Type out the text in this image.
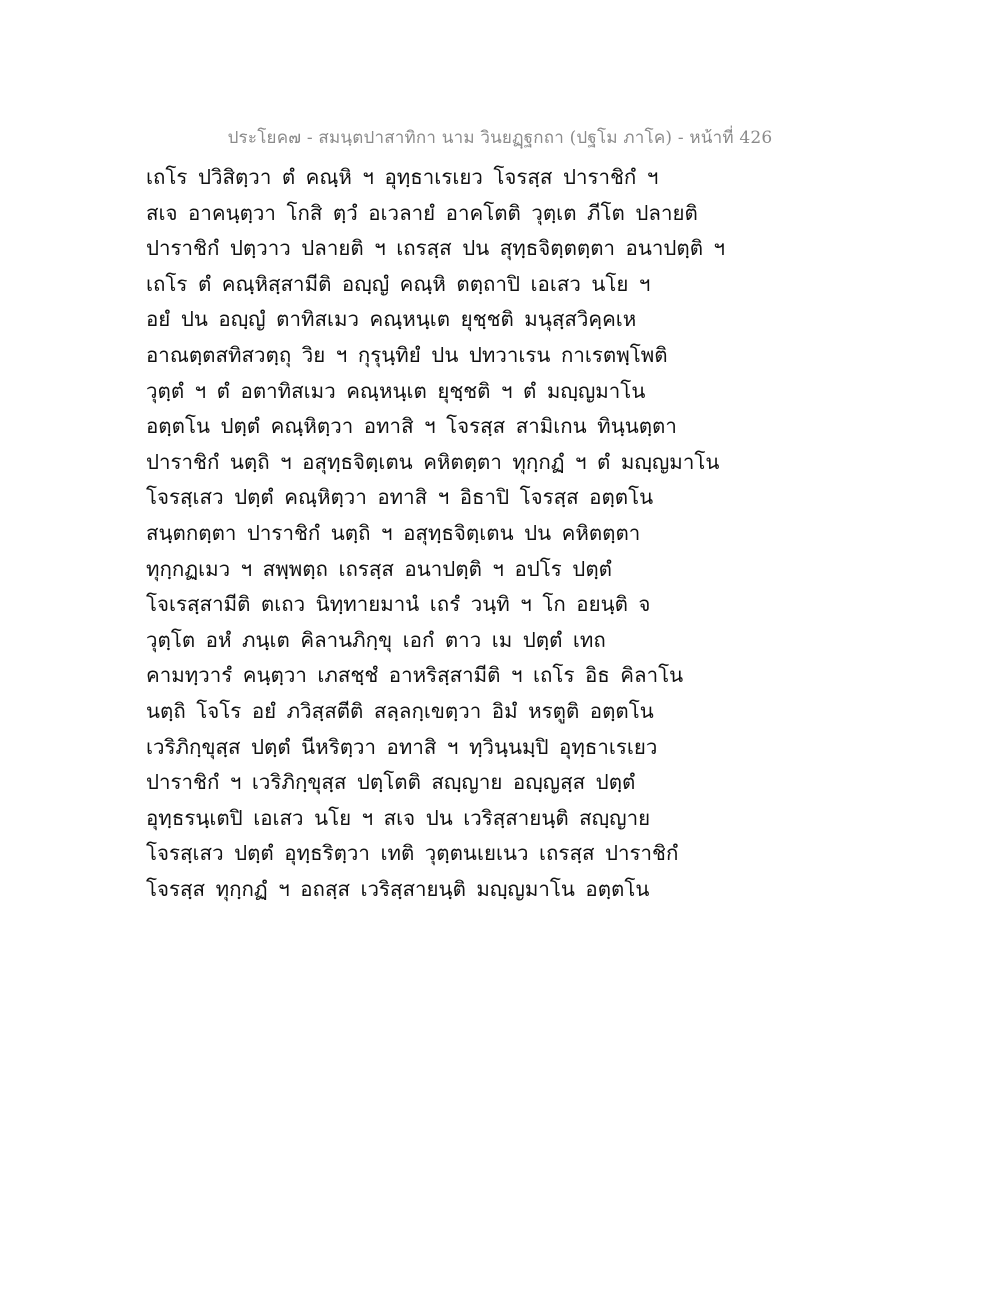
ประโยค๗ - สมนฺตปาสาทิกา นาม วินยฏฺฐกถา (ปฐโม ภาโค) - หน้าที่ 426
เถโร ปวิสิตฺวา ตํ คณฺหิ ฯ อุทฺธาเรเยว โจรสฺส ปาราชิกํ ฯ
สเจ อาคนฺตฺวา โกสิ ตฺวํ อเวลายํ อาคโตติ วุตฺเต ภีโต ปลายติ
ปาราชิกํ ปตฺวาว ปลายติ ฯ เถรสฺส ปน สุทฺธจิตฺตตฺตา อนาปตฺติ ฯ
เถโร ตํ คณฺหิสฺสามีติ อญฺญํ คณฺหิ ตตฺถาปิ เอเสว นโย ฯ
อยํ ปน อญฺญํ ตาทิสเมว คณฺหนฺเต ยุชฺชติ มนุสฺสวิคฺคเห
อาณตฺตสทิสวตฺถุ วิย ฯ กุรุนฺทิยํ ปน ปทวาเรน กาเรตพฺโพติ
วุตฺตํ ฯ ตํ อตาทิสเมว คณฺหนฺเต ยุชฺชติ ฯ ตํ มญฺญมาโน
อตฺตโน ปตฺตํ คณฺหิตฺวา อทาสิ ฯ โจรสฺส สามิเกน ทินฺนตฺตา
ปาราชิกํ นตฺถิ ฯ อสุทฺธจิตฺเตน คหิตตฺตา ทุกฺกฏํ ฯ ตํ มญฺญมาโน
โจรสฺเสว ปตฺตํ คณฺหิตฺวา อทาสิ ฯ อิธาปิ โจรสฺส อตฺตโน
สนฺตกตฺตา ปาราชิกํ นตฺถิ ฯ อสุทฺธจิตฺเตน ปน คหิตตฺตา
ทุกฺกฏเมว ฯ สพฺพตฺถ เถรสฺส อนาปตฺติ ฯ อปโร ปตฺตํ
โจเรสฺสามีติ ตเถว นิทฺทายมานํ เถรํ วนฺทิ ฯ โก อยนฺติ จ
วุตฺโต อหํ ภนฺเต คิลานภิกฺขุ เอกํ ตาว เม ปตฺตํ เทถ
คามทฺวารํ คนฺตฺวา เภสชฺชํ อาหริสฺสามีติ ฯ เถโร อิธ คิลาโน
นตฺถิ โจโร อยํ ภวิสฺสตีติ สลฺลกฺเขตฺวา อิมํ หรตูติ อตฺตโน
เวริภิกฺขุสฺส ปตฺตํ นีหริตฺวา อทาสิ ฯ ทฺวินฺนมฺปิ อุทฺธาเรเยว
ปาราชิกํ ฯ เวริภิกฺขุสฺส ปตฺโตติ สญฺญาย อญฺญสฺส ปตฺตํ
อุทฺธรนฺเตปิ เอเสว นโย ฯ สเจ ปน เวริสฺสายนฺติ สญฺญาย
โจรสฺเสว ปตฺตํ อุทฺธริตฺวา เทติ วุตฺตนเยเนว เถรสฺส ปาราชิกํ
โจรสฺส ทุกฺกฏํ ฯ อถสฺส เวริสฺสายนฺติ มญฺญมาโน อตฺตโน
